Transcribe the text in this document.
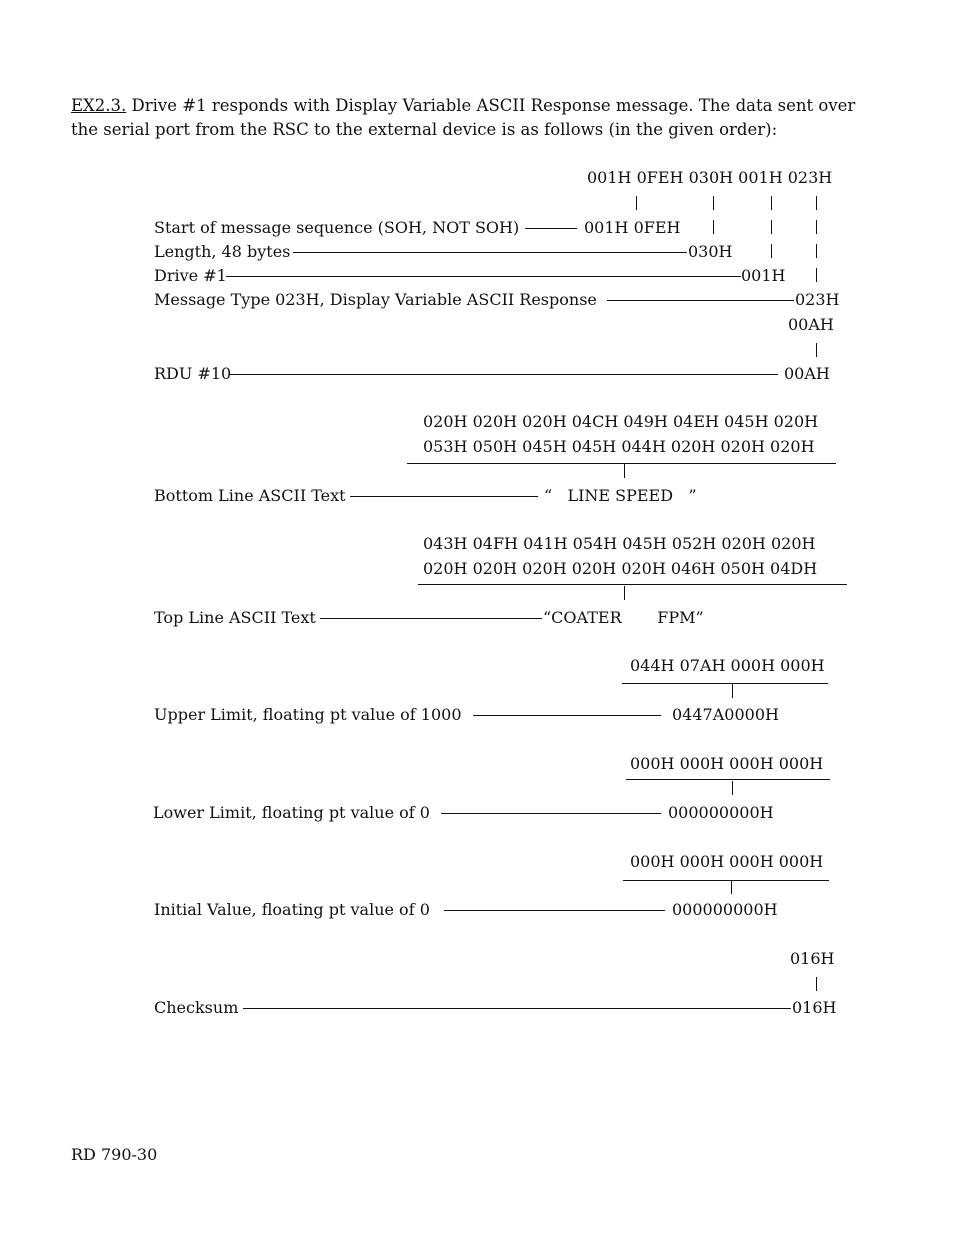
EX2.3. Drive #1 responds with Display Variable ASCII Response message. The data sent over the serial port from the RSC to the external device is as follows (in the given order):
001H 0FEH 030H 001H 023H
Start of message sequence (SOH, NOT SOH)	001H 0FEH
Length, 48 bytes	030H
Drive #1	001H
Message Type 023H, Display Variable ASCII Response	023H
00AH
RDU #10	00AH
020H 020H 020H 04CH 049H 04EH 045H 020H
053H 050H 045H 045H 044H 020H 020H 020H
Bottom Line ASCII Text	“   LINE SPEED   ”
043H 04FH 041H 054H 045H 052H 020H 020H
020H 020H 020H 020H 020H 046H 050H 04DH
Top Line ASCII Text	“COATER       FPM”
044H 07AH 000H 000H
Upper Limit, floating pt value of 1000	0447A0000H
000H 000H 000H 000H
Lower Limit, floating pt value of 0	000000000H
000H 000H 000H 000H
Initial Value, floating pt value of 0	000000000H
016H
Checksum	016H
RD 790-30
